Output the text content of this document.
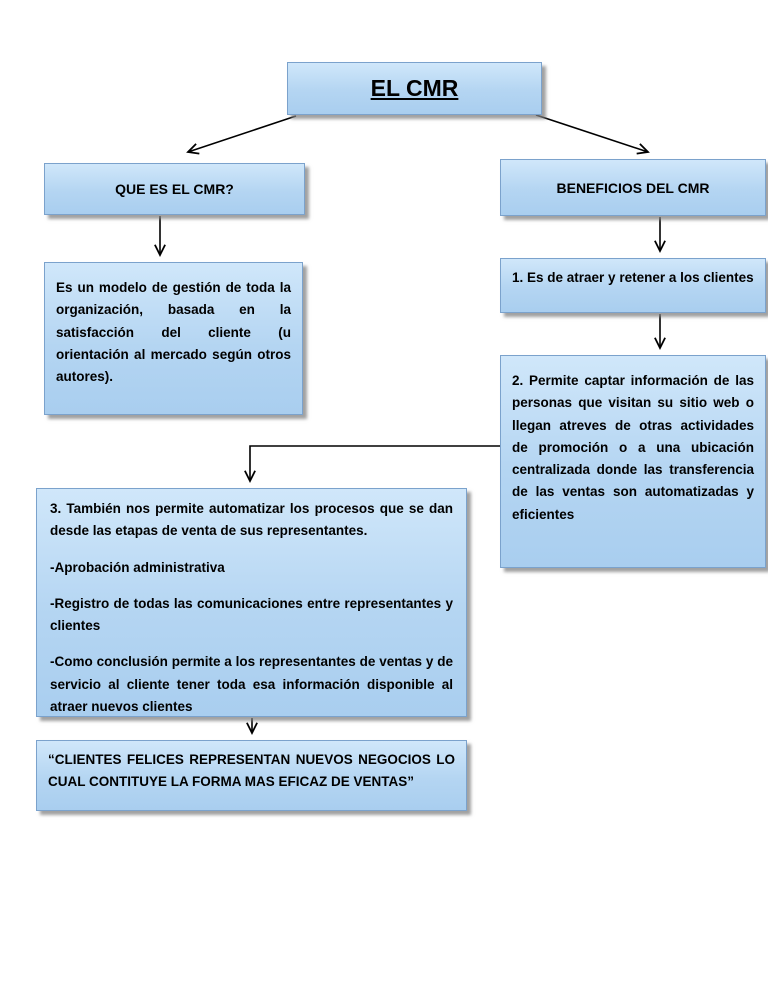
EL CMR
QUE ES EL CMR?	BENEFICIOS DEL CMR
Es un modelo de gestión de toda la organización, basada en la satisfacción del cliente (u orientación al mercado según otros autores).
1. Es de atraer y retener a los clientes
2. Permite captar información de las personas que visitan su sitio web o llegan atreves de otras actividades de promoción o a una ubicación centralizada donde las transferencia de las ventas son automatizadas y eficientes

3. También nos permite automatizar los procesos que se dan desde las etapas de venta de sus representantes.

-Aprobación administrativa

-Registro de todas las comunicaciones entre representantes y clientes

-Como conclusión permite a los representantes de ventas y de servicio al cliente tener toda esa información disponible al atraer nuevos clientes

“CLIENTES FELICES REPRESENTAN NUEVOS NEGOCIOS LO CUAL CONTITUYE LA FORMA MAS EFICAZ DE VENTAS”
